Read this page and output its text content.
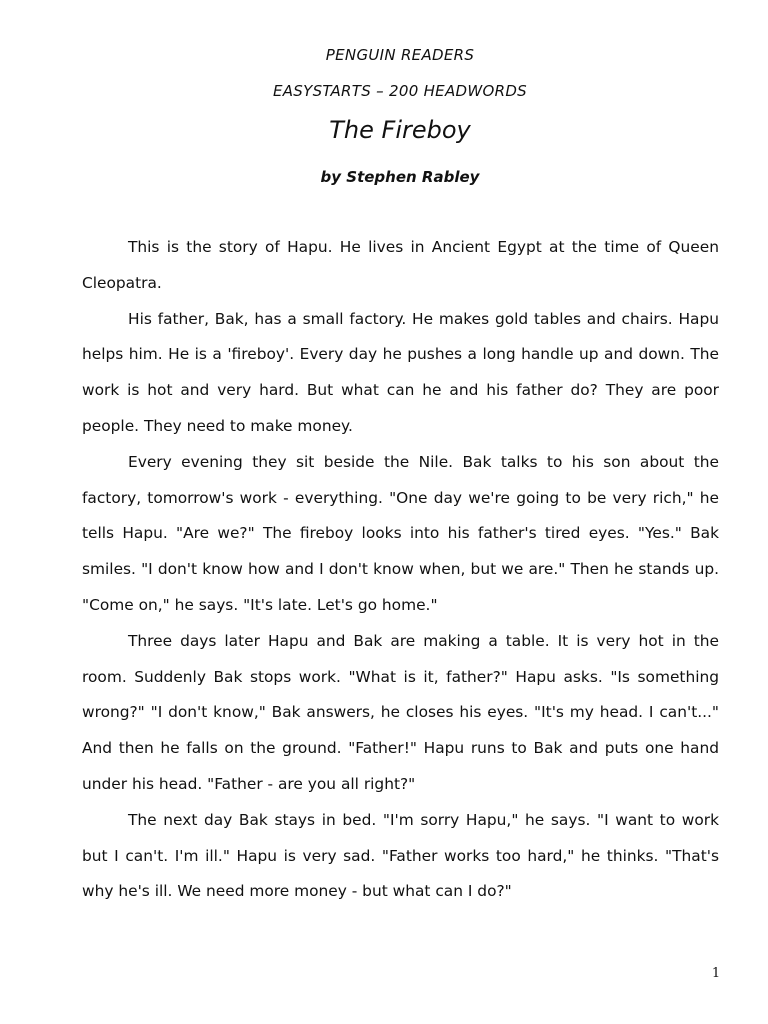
PENGUIN READERS
EASYSTARTS – 200 HEADWORDS
The Fireboy
by Stephen Rabley

This is the story of Hapu. He lives in Ancient Egypt at the time of Queen Cleopatra.

His father, Bak, has a small factory. He makes gold tables and chairs. Hapu helps him. He is a 'fireboy'. Every day he pushes a long handle up and down. The work is hot and very hard. But what can he and his father do? They are poor people. They need to make money.

Every evening they sit beside the Nile. Bak talks to his son about the factory, tomorrow's work - everything. "One day we're going to be very rich," he tells Hapu. "Are we?" The fireboy looks into his father's tired eyes. "Yes." Bak smiles. "I don't know how and I don't know when, but we are." Then he stands up. "Come on," he says. "It's late. Let's go home."

Three days later Hapu and Bak are making a table. It is very hot in the room. Suddenly Bak stops work. "What is it, father?" Hapu asks. "Is something wrong?" "I don't know," Bak answers, he closes his eyes. "It's my head. I can't..." And then he falls on the ground. "Father!" Hapu runs to Bak and puts one hand under his head. "Father - are you all right?"

The next day Bak stays in bed. "I'm sorry Hapu," he says. "I want to work but I can't. I'm ill." Hapu is very sad. "Father works too hard," he thinks. "That's why he's ill. We need more money - but what can I do?"

1
